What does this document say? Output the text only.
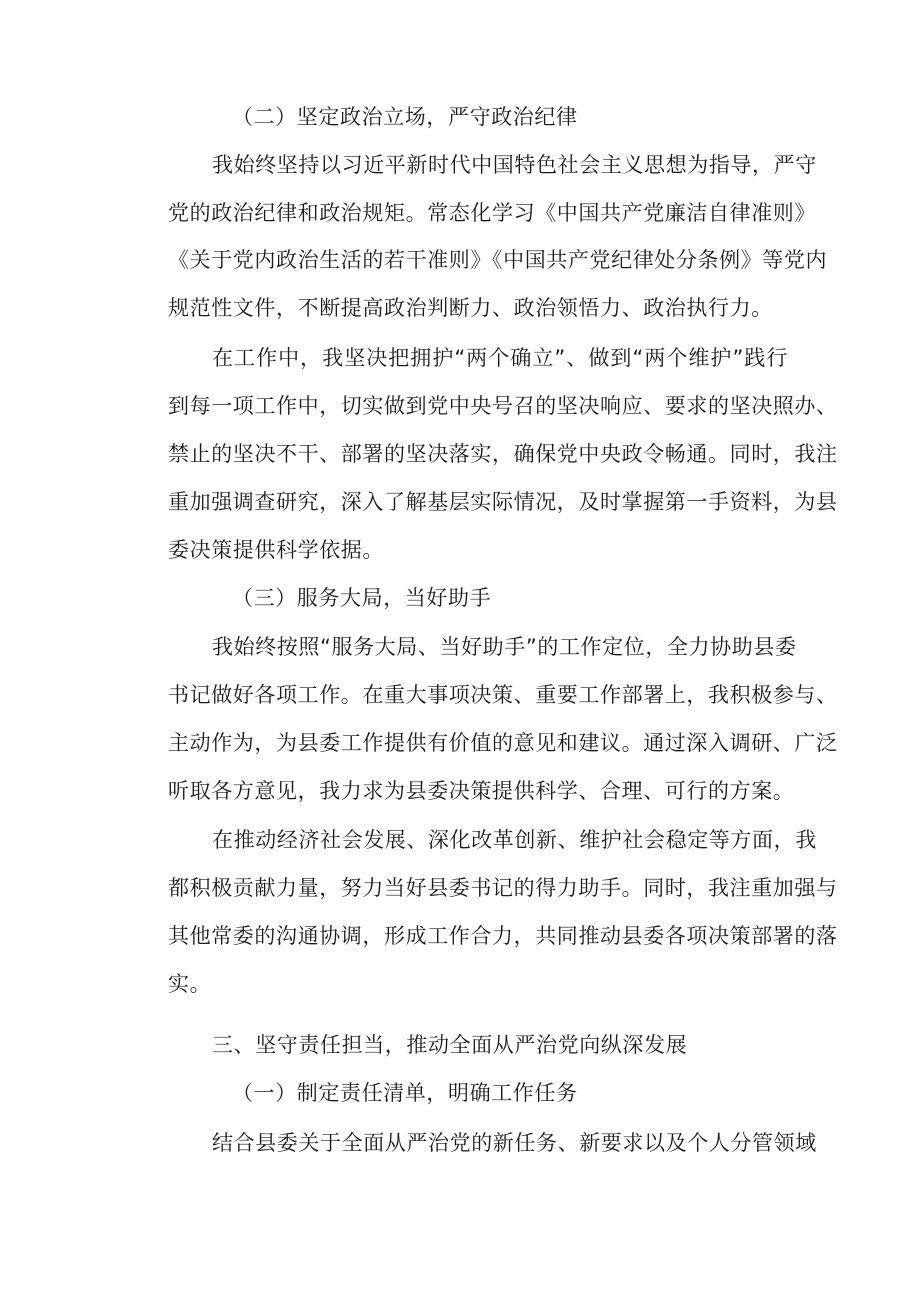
（二）坚定政治立场，严守政治纪律
我始终坚持以习近平新时代中国特色社会主义思想为指导，严守
党的政治纪律和政治规矩。常态化学习《中国共产党廉洁自律准则》
《关于党内政治生活的若干准则》《中国共产党纪律处分条例》等党内
规范性文件，不断提高政治判断力、政治领悟力、政治执行力。
在工作中，我坚决把拥护“两个确立”、做到“两个维护”践行
到每一项工作中，切实做到党中央号召的坚决响应、要求的坚决照办、
禁止的坚决不干、部署的坚决落实，确保党中央政令畅通。同时，我注
重加强调查研究，深入了解基层实际情况，及时掌握第一手资料，为县
委决策提供科学依据。
（三）服务大局，当好助手
我始终按照“服务大局、当好助手”的工作定位，全力协助县委
书记做好各项工作。在重大事项决策、重要工作部署上，我积极参与、
主动作为，为县委工作提供有价值的意见和建议。通过深入调研、广泛
听取各方意见，我力求为县委决策提供科学、合理、可行的方案。
在推动经济社会发展、深化改革创新、维护社会稳定等方面，我
都积极贡献力量，努力当好县委书记的得力助手。同时，我注重加强与
其他常委的沟通协调，形成工作合力，共同推动县委各项决策部署的落
实。
三、坚守责任担当，推动全面从严治党向纵深发展
（一）制定责任清单，明确工作任务
结合县委关于全面从严治党的新任务、新要求以及个人分管领域
